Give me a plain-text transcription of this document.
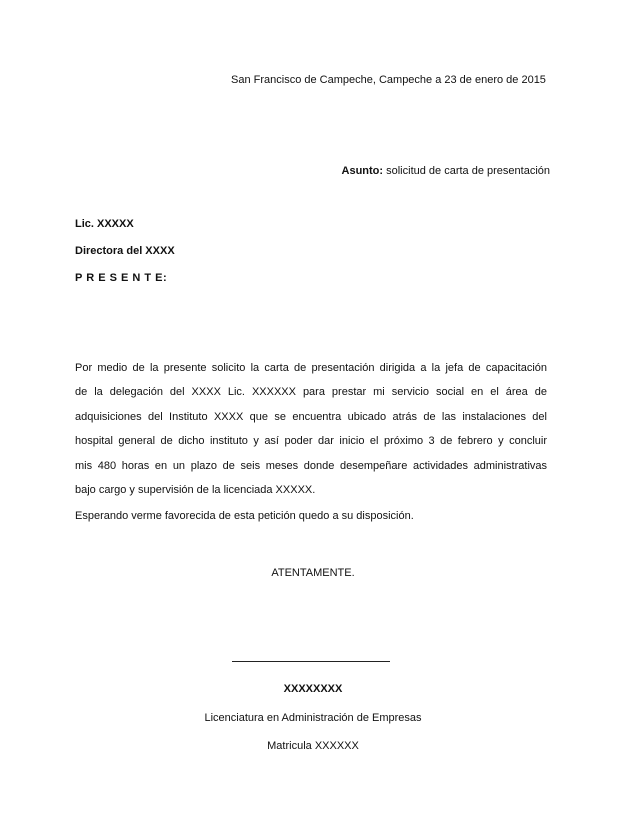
San Francisco de Campeche, Campeche a 23 de enero de 2015
Asunto: solicitud de carta de presentación
Lic. XXXXX
Directora del XXXX
P R E S E N T E:
Por medio de la presente solicito la carta de presentación dirigida a la jefa de capacitación
de la delegación del XXXX Lic. XXXXXX para prestar mi servicio social en el área de
adquisiciones del Instituto XXXX que se encuentra ubicado atrás de las instalaciones del
hospital general de dicho instituto y así poder dar inicio el próximo 3 de febrero y concluir
mis 480 horas en un plazo de seis meses donde desempeñare actividades administrativas
bajo cargo y supervisión de la licenciada XXXXX.
Esperando verme favorecida de esta petición quedo a su disposición.
ATENTAMENTE.
XXXXXXXX
Licenciatura en Administración de Empresas
Matricula XXXXXX
